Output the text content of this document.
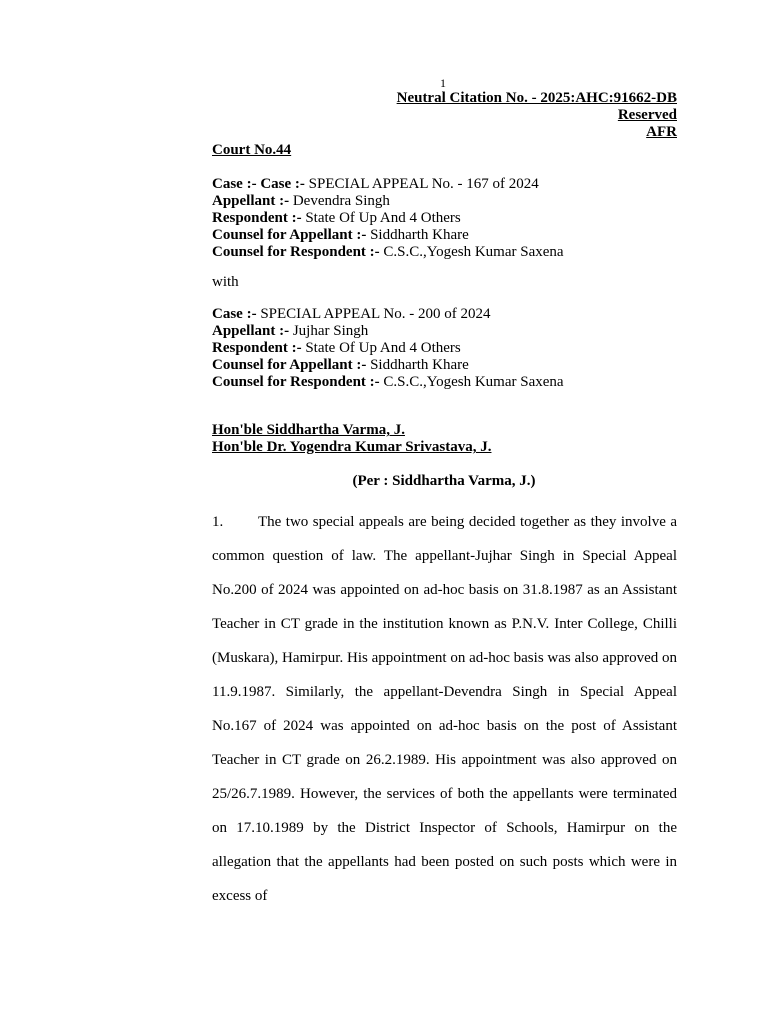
1
Neutral Citation No. - 2025:AHC:91662-DB
Reserved
AFR
Court No.44
Case :- Case :- SPECIAL APPEAL No. - 167 of 2024
Appellant :- Devendra Singh
Respondent :- State Of Up And 4 Others
Counsel for Appellant :- Siddharth Khare
Counsel for Respondent :- C.S.C.,Yogesh Kumar Saxena
with
Case :- SPECIAL APPEAL No. - 200 of 2024
Appellant :- Jujhar Singh
Respondent :- State Of Up And 4 Others
Counsel for Appellant :- Siddharth Khare
Counsel for Respondent :- C.S.C.,Yogesh Kumar Saxena
Hon'ble Siddhartha Varma, J.
Hon'ble Dr. Yogendra Kumar Srivastava, J.
(Per : Siddhartha Varma, J.)
1. The two special appeals are being decided together as they involve a common question of law. The appellant-Jujhar Singh in Special Appeal No.200 of 2024 was appointed on ad-hoc basis on 31.8.1987 as an Assistant Teacher in CT grade in the institution known as P.N.V. Inter College, Chilli (Muskara), Hamirpur. His appointment on ad-hoc basis was also approved on 11.9.1987. Similarly, the appellant-Devendra Singh in Special Appeal No.167 of 2024 was appointed on ad-hoc basis on the post of Assistant Teacher in CT grade on 26.2.1989. His appointment was also approved on 25/26.7.1989. However, the services of both the appellants were terminated on 17.10.1989 by the District Inspector of Schools, Hamirpur on the allegation that the appellants had been posted on such posts which were in excess of
